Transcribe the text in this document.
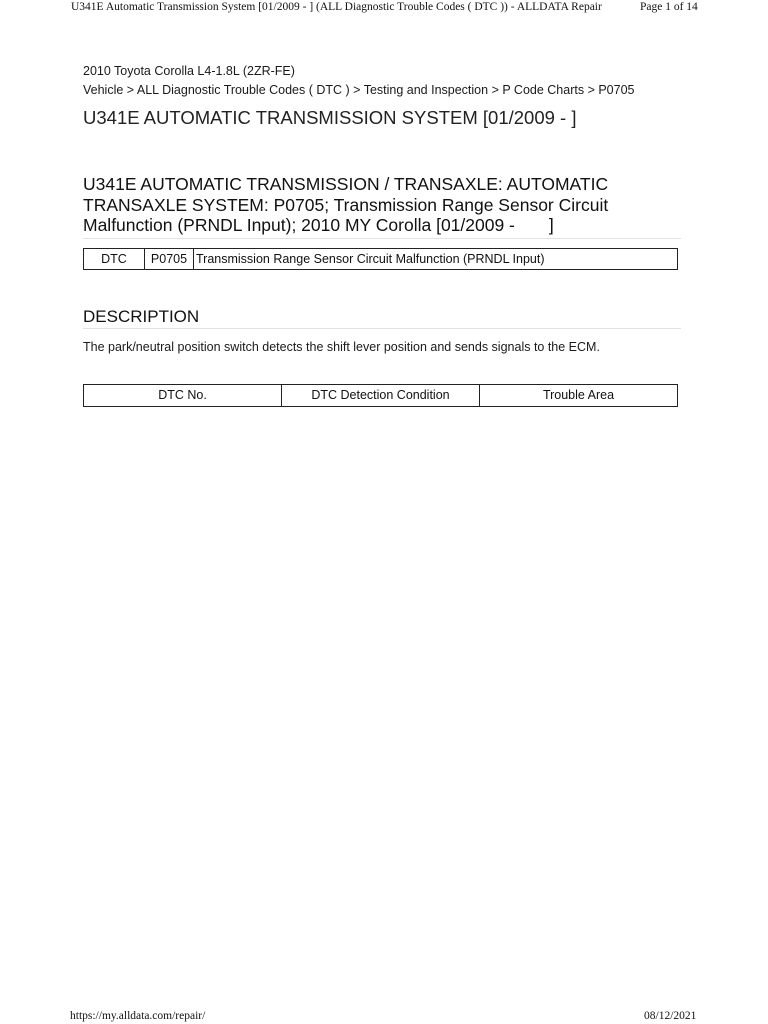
U341E Automatic Transmission System [01/2009 - ] (ALL Diagnostic Trouble Codes ( DTC )) - ALLDATA Repair	Page 1 of 14
2010 Toyota Corolla L4-1.8L (2ZR-FE)
Vehicle > ALL Diagnostic Trouble Codes ( DTC ) > Testing and Inspection > P Code Charts > P0705
U341E AUTOMATIC TRANSMISSION SYSTEM [01/2009 - ]
U341E AUTOMATIC TRANSMISSION / TRANSAXLE: AUTOMATIC TRANSAXLE SYSTEM: P0705; Transmission Range Sensor Circuit Malfunction (PRNDL Input); 2010 MY Corolla [01/2009 -       ]
DTC	P0705	Transmission Range Sensor Circuit Malfunction (PRNDL Input)
DESCRIPTION
The park/neutral position switch detects the shift lever position and sends signals to the ECM.
DTC No.	DTC Detection Condition	Trouble Area
https://my.alldata.com/repair/	08/12/2021
